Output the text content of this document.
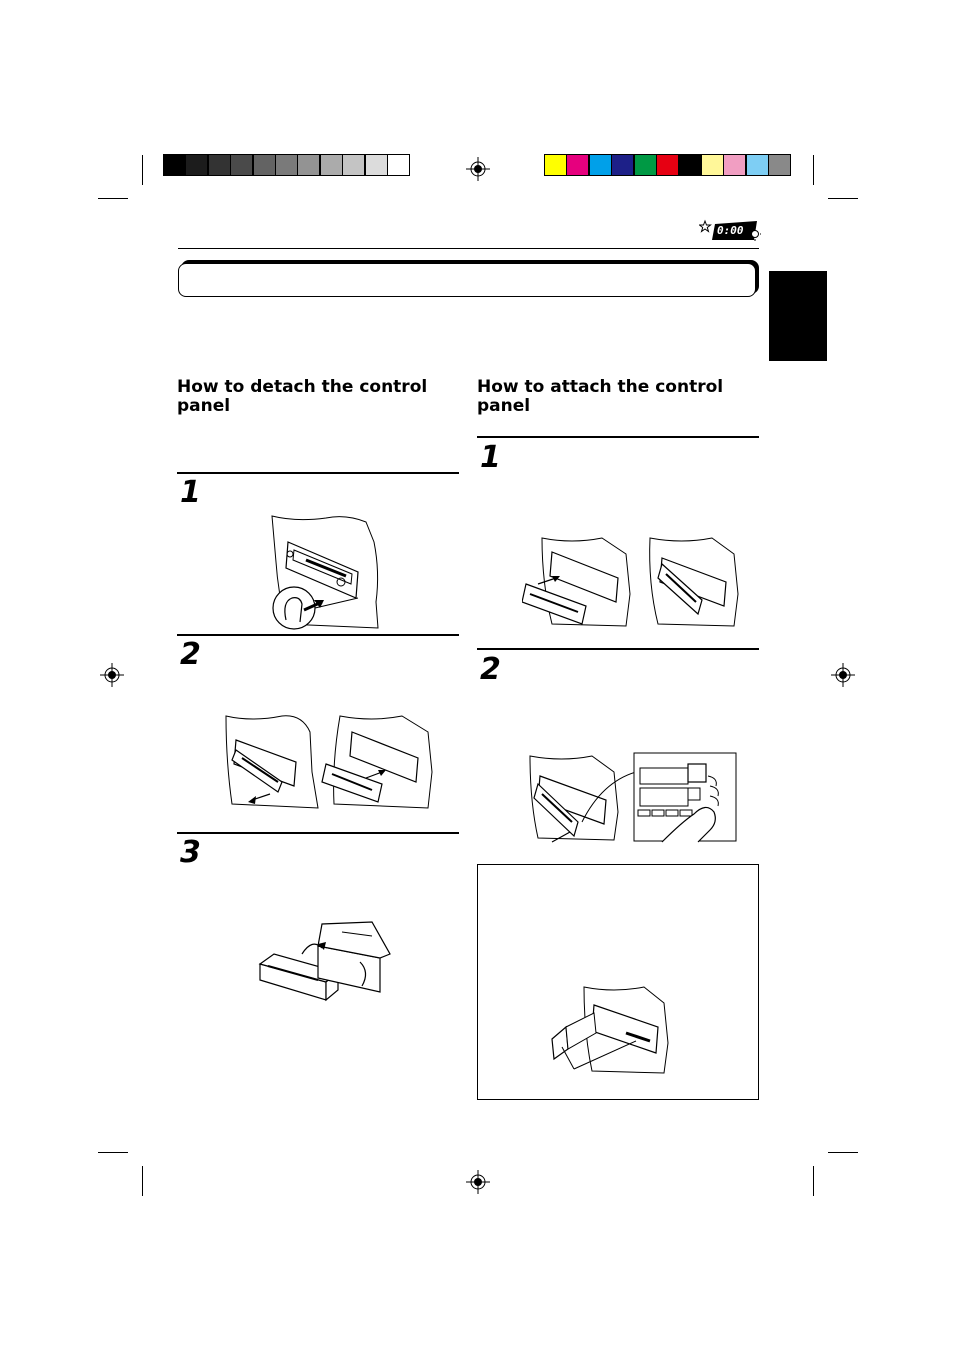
0:00
How to detach the control panel
1
2
3
How to attach the control panel
1
2
